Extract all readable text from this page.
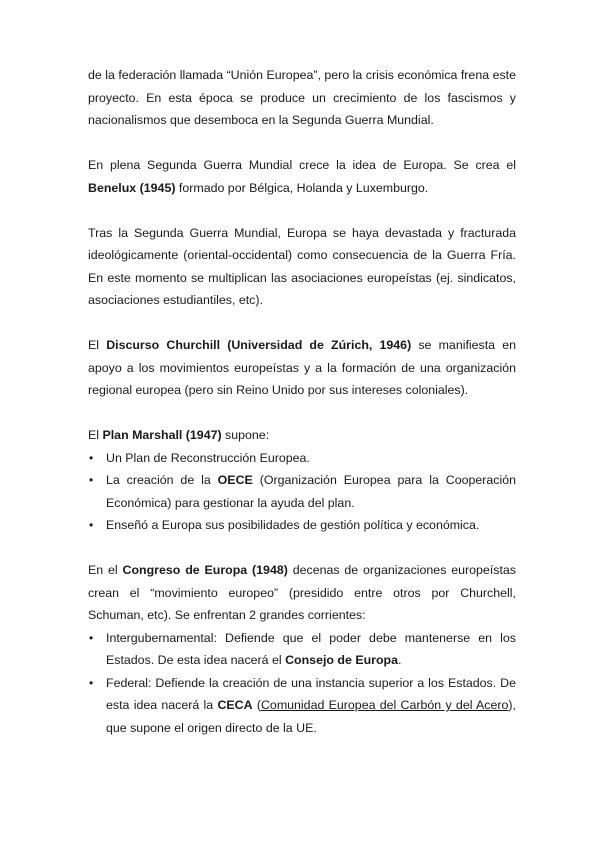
de la federación llamada “Unión Europea”, pero la crisis económica frena este proyecto. En esta época se produce un crecimiento de los fascismos y nacionalismos que desemboca en la Segunda Guerra Mundial.

En plena Segunda Guerra Mundial crece la idea de Europa. Se crea el Benelux (1945) formado por Bélgica, Holanda y Luxemburgo.

Tras la Segunda Guerra Mundial, Europa se haya devastada y fracturada ideológicamente (oriental-occidental) como consecuencia de la Guerra Fría. En este momento se multiplican las asociaciones europeístas (ej. sindicatos, asociaciones estudiantiles, etc).

El Discurso Churchill (Universidad de Zúrich, 1946) se manifiesta en apoyo a los movimientos europeístas y a la formación de una organización regional europea (pero sin Reino Unido por sus intereses coloniales).

El Plan Marshall (1947) supone:
• Un Plan de Reconstrucción Europea.
• La creación de la OECE (Organización Europea para la Cooperación Económica) para gestionar la ayuda del plan.
• Enseñó a Europa sus posibilidades de gestión política y económica.
En el Congreso de Europa (1948) decenas de organizaciones europeístas crean el “movimiento europeo” (presidido entre otros por Churchell, Schuman, etc). Se enfrentan 2 grandes corrientes:
• Intergubernamental: Defiende que el poder debe mantenerse en los Estados. De esta idea nacerá el Consejo de Europa.
• Federal: Defiende la creación de una instancia superior a los Estados. De esta idea nacerá la CECA (Comunidad Europea del Carbón y del Acero), que supone el origen directo de la UE.
